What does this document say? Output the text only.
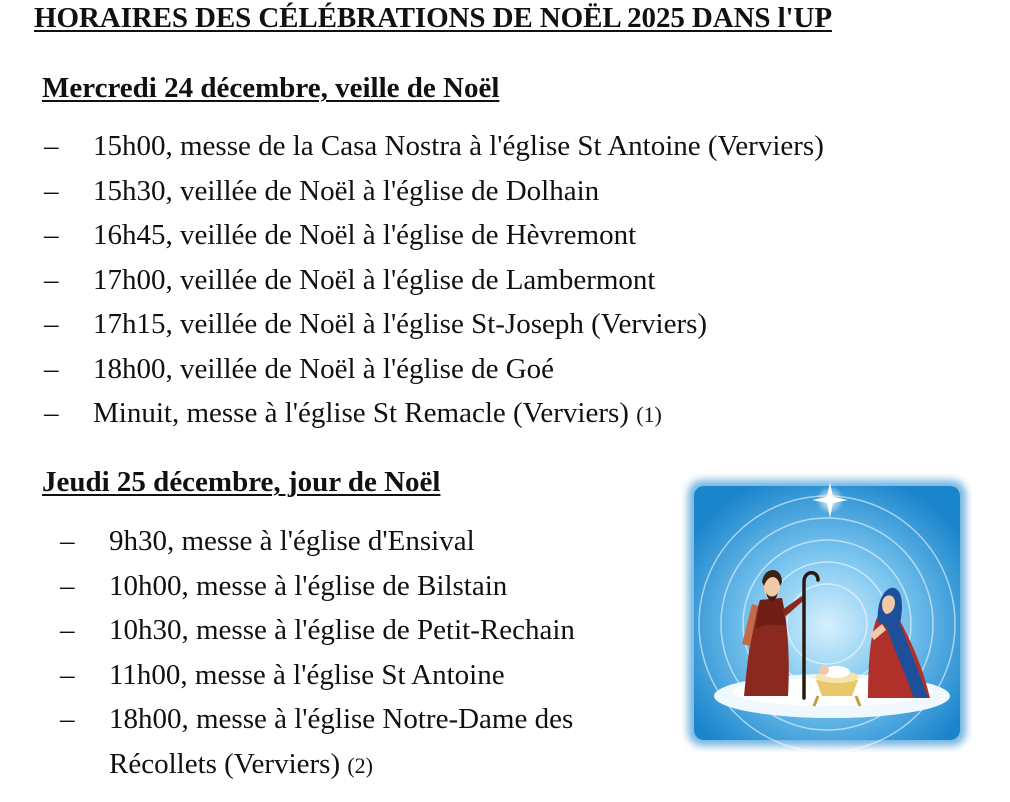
HORAIRES DES CÉLÉBRATIONS DE NOËL 2025 DANS l'UP
Mercredi 24 décembre, veille de Noël
– 15h00, messe de la Casa Nostra à l'église St Antoine (Verviers)
– 15h30, veillée de Noël à l'église de Dolhain
– 16h45, veillée de Noël à l'église de Hèvremont
– 17h00, veillée de Noël à l'église de Lambermont
– 17h15, veillée de Noël à l'église St-Joseph (Verviers)
– 18h00, veillée de Noël à l'église de Goé
– Minuit, messe à l'église St Remacle (Verviers) (1)
Jeudi 25 décembre, jour de Noël
– 9h30, messe à l'église d'Ensival
– 10h00, messe à l'église de Bilstain
– 10h30, messe à l'église de Petit-Rechain
– 11h00, messe à l'église St Antoine
– 18h00, messe à l'église Notre-Dame des
Récollets (Verviers) (2)
